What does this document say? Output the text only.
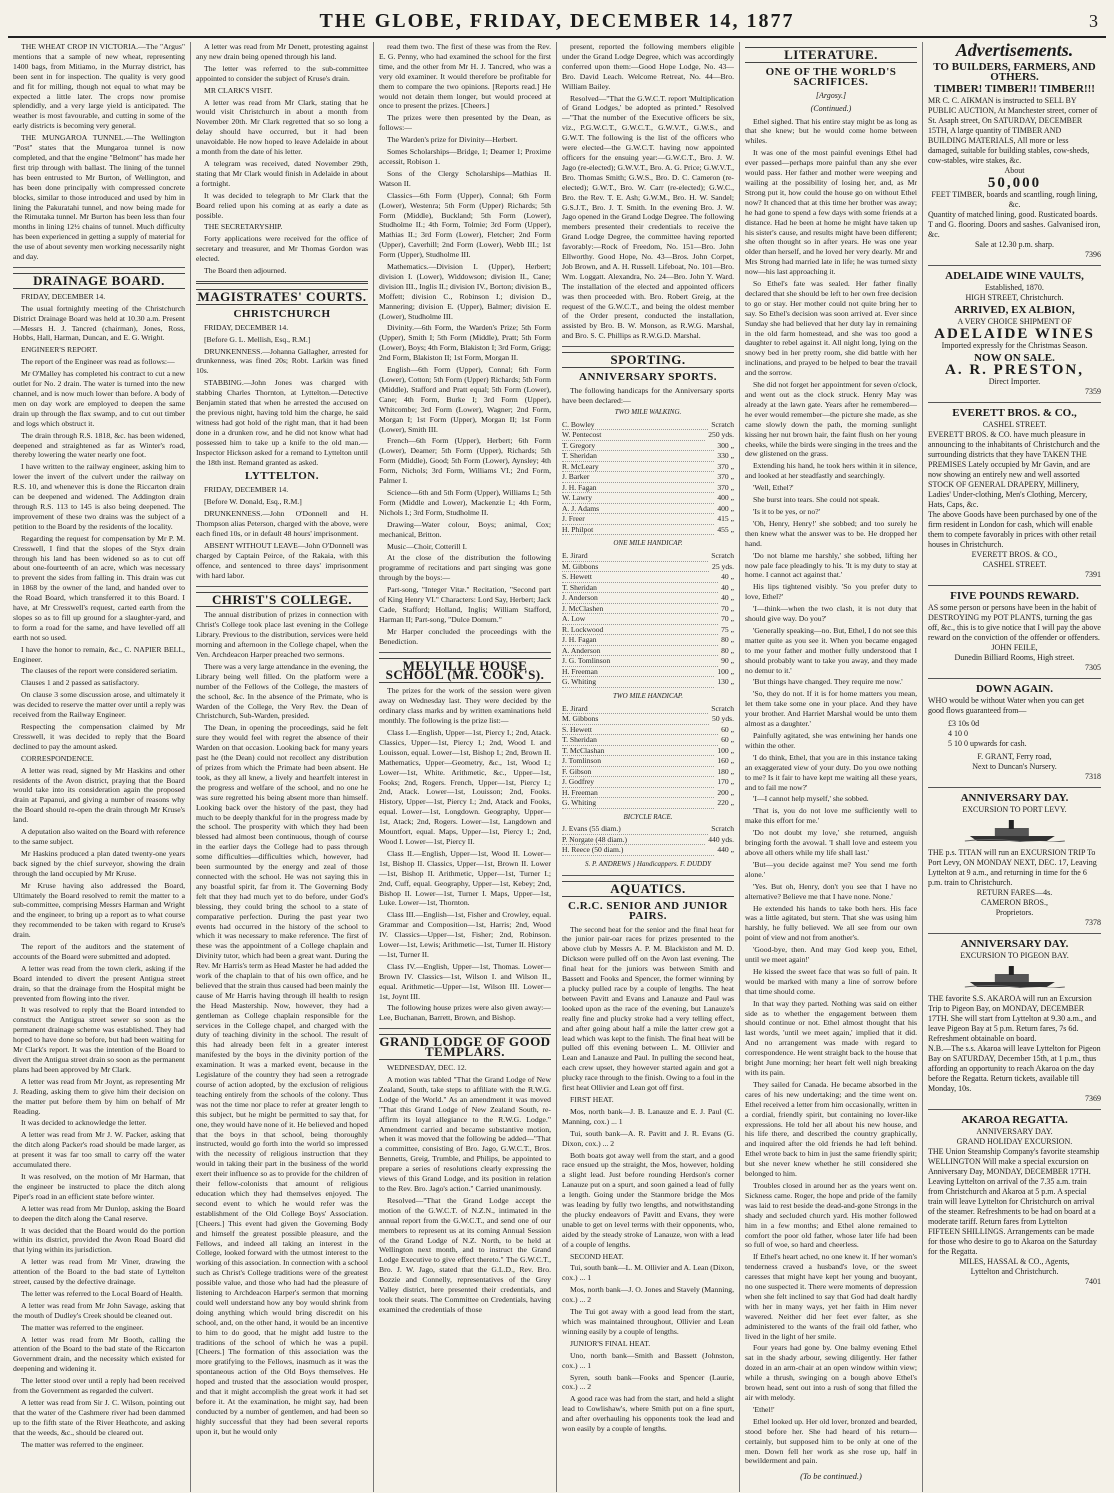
THE GLOBE, FRIDAY, DECEMBER 14, 1877	3

THE WHEAT CROP IN VICTORIA.—The "Argus" mentions that a sample of new wheat, representing 1400 bags, from Mitiamo, in the Murray district, has been sent in for inspection. The quality is very good and fit for milling, though not equal to what may be expected a little later. The crops now promise splendidly, and a very large yield is anticipated. The weather is most favourable, and cutting in some of the early districts is becoming very general.

THE MUNGAROA TUNNEL.—The Wellington "Post" states that the Mungaroa tunnel is now completed, and that the engine "Belmont" has made her first trip through with ballast. The lining of the tunnel has been entrusted to Mr Burton, of Wellington, and has been done principally with compressed concrete blocks, similar to those introduced and used by him in lining the Pakuratahi tunnel, and now being made for the Rimutaka tunnel. Mr Burton has been less than four months in lining 12½ chains of tunnel. Much difficulty has been experienced in getting a supply of material for the use of about seventy men working necessarily night and day.

DRAINAGE BOARD.

FRIDAY, DECEMBER 14.

The usual fortnightly meeting of the Christchurch District Drainage Board was held at 10.30 a.m. Present—Messrs H. J. Tancred (chairman), Jones, Ross, Hobbs, Hall, Harman, Duncan, and E. G. Wright.

ENGINEER'S REPORT.

The report of the Engineer was read as follows:—

Mr O'Malley has completed his contract to cut a new outlet for No. 2 drain. The water is turned into the new channel, and is now much lower than before. A body of men on day work are employed to deepen the same drain up through the flax swamp, and to cut out timber and logs which obstruct it.

The drain through R.S. 1818, &c. has been widened, deepened and straightened as far as Winter's road, thereby lowering the water nearly one foot.

I have written to the railway engineer, asking him to lower the invert of the culvert under the railway on R.S. 10, and whenever this is done the Riccarton drain can be deepened and widened. The Addington drain through R.S. 113 to 145 is also being deepened. The improvement of these two drains was the subject of a petition to the Board by the residents of the locality.

Regarding the request for compensation by Mr P. M. Cresswell, I find that the slopes of the Styx drain through his land has been widened so as to cut off about one-fourteenth of an acre, which was necessary to prevent the sides from falling in. This drain was cut in 1868 by the owner of the land, and handed over to the Road Board, which transferred it to this Board. I have, at Mr Cresswell's request, carted earth from the slopes so as to fill up ground for a slaughter-yard, and to form a road for the same, and have levelled off all earth not so used.

I have the honor to remain, &c., C. NAPIER BELL, Engineer.

The clauses of the report were considered seriatim.

Clauses 1 and 2 passed as satisfactory.

On clause 3 some discussion arose, and ultimately it was decided to reserve the matter over until a reply was received from the Railway Engineer.

Respecting the compensation claimed by Mr Cresswell, it was decided to reply that the Board declined to pay the amount asked.

CORRESPONDENCE.

A letter was read, signed by Mr Haskins and other residents of the Avon district, praying that the Board would take into its consideration again the proposed drain at Papanui, and giving a number of reasons why the Board should re-open the drain through Mr Kruse's land.

A deputation also waited on the Board with reference to the same subject.

Mr Haskins produced a plan dated twenty-one years back signed by the chief surveyor, showing the drain through the land occupied by Mr Kruse.

Mr Kruse having also addressed the Board, Ultimately the Board resolved to remit the matter to a sub-committee, comprising Messrs Harman and Wright and the engineer, to bring up a report as to what course they recommended to be taken with regard to Kruse's drain.

The report of the auditors and the statement of accounts of the Board were submitted and adopted.

A letter was read from the town clerk, asking if the Board intended to divert the present Antigua street drain, so that the drainage from the Hospital might be prevented from flowing into the river.

It was resolved to reply that the Board intended to construct the Antigua street sewer so soon as the permanent drainage scheme was established. They had hoped to have done so before, but had been waiting for Mr Clark's report. It was the intention of the Board to divert the Antigua street drain so soon as the permanent plans had been approved by Mr Clark.

A letter was read from Mr Joynt, as representing Mr J. Reading, asking them to give him their decision on the matter put before them by him on behalf of Mr Reading.

It was decided to acknowledge the letter.

A letter was read from Mr J. W. Packer, asking that the ditch along Packer's road should be made larger, as at present it was far too small to carry off the water accumulated there.

It was resolved, on the motion of Mr Harman, that the engineer be instructed to place the ditch along Piper's road in an efficient state before winter.

A letter was read from Mr Dunlop, asking the Board to deepen the ditch along the Canal reserve.

It was decided that the Board would do the portion within its district, provided the Avon Road Board did that lying within its jurisdiction.

A letter was read from Mr Viner, drawing the attention of the Board to the bad state of Lyttelton street, caused by the defective drainage.

The letter was referred to the Local Board of Health.

A letter was read from Mr John Savage, asking that the mouth of Dudley's Creek should be cleaned out.

The matter was referred to the engineer.

A letter was read from Mr Booth, calling the attention of the Board to the bad state of the Riccarton Government drain, and the necessity which existed for deepening and widening it.

The letter stood over until a reply had been received from the Government as regarded the culvert.

A letter was read from Sir J. C. Wilson, pointing out that the water of the Cashmere river had been dammed up to the fifth state of the River Heathcote, and asking that the weeds, &c., should be cleared out.

The matter was referred to the engineer.

A letter was read from Mr Denett, protesting against any new drain being opened through his land.

The letter was referred to the sub-committee appointed to consider the subject of Kruse's drain.

MR CLARK'S VISIT.

A letter was read from Mr Clark, stating that he would visit Christchurch in about a month from November 20th. Mr Clark regretted that so so long a delay should have occurred, but it had been unavoidable. He now hoped to leave Adelaide in about a month from the date of his letter.

A telegram was received, dated November 29th, stating that Mr Clark would finish in Adelaide in about a fortnight.

It was decided to telegraph to Mr Clark that the Board relied upon his coming at as early a date as possible.

THE SECRETARYSHIP.

Forty applications were received for the office of secretary and treasurer, and Mr Thomas Gordon was elected.

The Board then adjourned.

MAGISTRATES' COURTS.
CHRISTCHURCH

FRIDAY, DECEMBER 14.

[Before G. L. Mellish, Esq., R.M.]

DRUNKENNESS.—Johanna Gallagher, arrested for drunkenness, was fined 20s; Robt. Larkin was fined 10s.

STABBING.—John Jones was charged with stabbing Charles Thornton, at Lyttelton.—Detective Benjamin stated that when he arrested the accused on the previous night, having told him the charge, he said witness had got hold of the right man, that it had been done in a drunken row, and he did not know what had possessed him to take up a knife to the old man.—Inspector Hickson asked for a remand to Lyttelton until the 18th inst. Remand granted as asked.

LYTTELTON.

FRIDAY, DECEMBER 14.

[Before W. Donald, Esq., R.M.]

DRUNKENNESS.—John O'Donnell and H. Thompson alias Peterson, charged with the above, were each fined 10s, or in default 48 hours' imprisonment.

ABSENT WITHOUT LEAVE—John O'Donnell was charged by Captain Peirce, of the Rakaia, with this offence, and sentenced to three days' imprisonment with hard labor.

CHRIST'S COLLEGE.

The annual distribution of prizes in connection with Christ's College took place last evening in the College Library. Previous to the distribution, services were held morning and afternoon in the College chapel, when the Ven. Archdeacon Harper preached two sermons.

There was a very large attendance in the evening, the Library being well filled. On the platform were a number of the Fellows of the College, the masters of the school, &c. In the absence of the Primate, who is Warden of the College, the Very Rev. the Dean of Christchurch, Sub-Warden, presided.

The Dean, in opening the proceedings, said he felt sure they would feel with regret the absence of their Warden on that occasion. Looking back for many years past he (the Dean) could not recollect any distribution of prizes from which the Primate had been absent. He took, as they all knew, a lively and heartfelt interest in the progress and welfare of the school, and no one he was sure regretted his being absent more than himself. Looking back over the history of the past, they had much to be deeply thankful for in the progress made by the school. The prosperity with which they had been blessed had almost been continuous, though of course in the earlier days the College had to pass through some difficulties—difficulties which, however, had been surmounted by the energy and zeal of those connected with the school. He was not saying this in any boastful spirit, far from it. The Governing Body felt that they had much yet to do before, under God's blessing, they could bring the school to a state of comparative perfection. During the past year two events had occurred in the history of the school to which it was necessary to make reference. The first of these was the appointment of a College chaplain and Divinity tutor, which had been a great want. During the Rev. Mr Harris's term as Head Master he had added the work of the chaplain to that of his own office, and he believed that the strain thus caused had been mainly the cause of Mr Harris having through ill health to resign the Head Mastership. Now, however, they had a gentleman as College chaplain responsible for the services in the College chapel, and charged with the duty of teaching divinity in the school. The result of this had already been felt in a greater interest manifested by the boys in the divinity portion of the examination. It was a marked event, because in the Legislature of the country they had seen a retrograde course of action adopted, by the exclusion of religious teaching entirely from the schools of the colony. Thus was not the time nor place to refer at greater length to this subject, but he might be permitted to say that, for one, they would have none of it. He believed and hoped that the boys in that school, being thoroughly instructed, would go forth into the world so impressed with the necessity of religious instruction that they would in taking their part in the business of the world exert their influence so as to provide for the children of their fellow-colonists that amount of religious education which they had themselves enjoyed. The second event to which he would refer was the establishment of the Old College Boys' Association. [Cheers.] This event had given the Governing Body and himself the greatest possible pleasure, and the Fellows, and indeed all taking an interest in the College, looked forward with the utmost interest to the working of this association. In connection with a school such as Christ's College traditions were of the greatest possible value, and those who had had the pleasure of listening to Archdeacon Harper's sermon that morning could well understand how any boy would shrink from doing anything which would bring discredit on his school, and, on the other hand, it would be an incentive to him to do good, that he might add lustre to the traditions of the school of which he was a pupil. [Cheers.] The formation of this association was the more gratifying to the Fellows, inasmuch as it was the spontaneous action of the Old Boys themselves. He hoped and trusted that the association would prosper, and that it might accomplish the great work it had set before it. At the examination, he might say, had been conducted by a number of gentlemen, and had been so highly successful that they had been several reports upon it, but he would only

read them two. The first of these was from the Rev. E. G. Penny, who had examined the school for the first time, and the other from Mr H. J. Tancred, who was a very old examiner. It would therefore be profitable for them to compare the two opinions. [Reports read.] He would not detain them longer, but would proceed at once to present the prizes. [Cheers.]

The prizes were then presented by the Dean, as follows:—

The Warden's prize for Divinity—Herbert.

Somes Scholarships—Bridge, 1; Deamer 1; Proxime accessit, Robison 1.

Sons of the Clergy Scholarships—Mathias II. Watson II.

Classics—6th Form (Upper), Connal; 6th Form (Lower), Westenra; 5th Form (Upper) Richards; 5th Form (Middle), Buckland; 5th Form (Lower), Studholme II.; 4th Form, Tolmie; 3rd Form (Upper), Mathias II.; 3rd Form (Lower), Fletcher; 2nd Form (Upper), Caverhill; 2nd Form (Lower), Webb III.; 1st Form (Upper), Studholme III.

Mathematics.—Division I. (Upper), Herbert; division I. (Lower), Widdowson; division II., Cane; division III., Inglis II.; division IV., Borton; division B., Moffett; division C., Robinson I.; division D., Mannering; division E. (Upper), Balmer; division E. (Lower), Studholme III.

Divinity.—6th Form, the Warden's Prize; 5th Form (Upper), Smith I; 5th Form (Middle), Pratt; 5th Form (Lower), Boys; 4th Form, Blakiston I; 3rd Form, Grigg; 2nd Form, Blakiston II; 1st Form, Morgan II.

English—6th Form (Upper), Connal; 6th Form (Lower), Cotton; 5th Form (Upper) Richards; 5th Form (Middle), Stafford and Pratt equal; 5th Form (Lower), Cane; 4th Form, Burke I; 3rd Form (Upper), Whitcombe; 3rd Form (Lower), Wagner; 2nd Form, Morgan I; 1st Form (Upper), Morgan II; 1st Form (Lower), Smith III.

French—6th Form (Upper), Herbert; 6th Form (Lower), Deamer; 5th Form (Upper), Richards; 5th Form (Middle), Good; 5th Form (Lower), Aynsley; 4th Form, Nichols; 3rd Form, Williams VI.; 2nd Form, Palmer I.

Science—6th and 5th Form (Upper), Williams I.; 5th Form (Middle and Lower), Mackenzie I.; 4th Form, Nichols I.; 3rd Form, Studholme II.

Drawing—Water colour, Boys; animal, Cox; mechanical, Britton.

Music—Choir, Cotterill I.

At the close of the distribution the following programme of recitations and part singing was gone through by the boys:—

Part-song, "Integer Vitæ." Recitation, "Second part of King Henry VI." Characters: Lord Say, Herbert; Jack Cade, Stafford; Holland, Inglis; William Stafford, Harman II; Part-song, "Dulce Domum."

Mr Harper concluded the proceedings with the Benediction.

MELVILLE HOUSE SCHOOL (MR. COOK'S).

The prizes for the work of the session were given away on Wednesday last. They were decided by the ordinary class marks and by written examinations held monthly. The following is the prize list:—

Class I.—English, Upper—1st, Piercy I.; 2nd, Atack. Classics, Upper—1st, Piercy I.; 2nd, Wood I. and Louisson, equal. Lower—1st, Bishop I.; 2nd, Brown II. Mathematics, Upper—Geometry, &c., 1st, Wood I.; Lower—1st, White. Arithmetic, &c., Upper—1st, Fooks; 2nd, Rogers. French, Upper—1st, Piercy I.; 2nd, Atack. Lower—1st, Louisson; 2nd, Fooks. History, Upper—1st, Piercy I.; 2nd, Atack and Fooks, equal. Lower—1st, Longdown. Geography, Upper—1st, Atack; 2nd, Rogers. Lower—1st, Langdown and Mountfort, equal. Maps, Upper—1st, Piercy I.; 2nd, Wood I. Lower—1st, Piercy II.

Class II.—English, Upper—1st, Wood II. Lower—1st, Bishop II. Classics, Upper—1st, Brown II. Lower—1st, Bishop II. Arithmetic, Upper—1st, Turner I.; 2nd, Cuff, equal. Geography, Upper—1st, Kebey; 2nd, Bishop II. Lower—1st, Turner I. Maps, Upper—1st, Luke. Lower—1st, Thornton.

Class III.—English—1st, Fisher and Crowley, equal. Grammar and Composition—1st, Harris; 2nd, Wood IV. Classics—Upper—1st, Fisher; 2nd, Robinson. Lower—1st, Lewis; Arithmetic—1st, Turner II. History—1st, Turner II.

Class IV.—English, Upper—1st, Thomas. Lower—Brown IV. Classics—1st, Wilson I. and Wilson II., equal. Arithmetic—Upper—1st, Wilson III. Lower—1st, Joynt III.

The following house prizes were also given away:—Lee, Buchanan, Barrett, Brown, and Bishop.

GRAND LODGE OF GOOD TEMPLARS.

WEDNESDAY, DEC. 12.

A motion was tabled "That the Grand Lodge of New Zealand, South, take steps to affiliate with the R.W.G. Lodge of the World." As an amendment it was moved "That this Grand Lodge of New Zealand South, re-affirm its loyal allegiance to the R.W.G. Lodge." Amendment carried and became substantive motion, when it was moved that the following be added—"That a committee, consisting of Bro. Jago, G.W.C.T., Bros. Bennetts, Greig, Trumble, and Philips, be appointed to prepare a series of resolutions clearly expressing the views of this Grand Lodge, and its position in relation to the Rev. Bro. Jago's action." Carried unanimously.

Resolved—"That the Grand Lodge accept the motion of the G.W.C.T. of N.Z.N., intimated in the annual report from the G.W.C.T., and send one of our members to represent us at its coming Annual Session of the Grand Lodge of N.Z. North, to be held at Wellington next month, and to instruct the Grand Lodge Executive to give effect thereto." The G.W.C.T., Bro. J. W. Jago, stated that the G.L.D., Rev. Bro. Bozzie and Connelly, representatives of the Grey Valley district, here presented their credentials, and took their seats. The Committee on Credentials, having examined the credentials of those

present, reported the following members eligible under the Grand Lodge Degree, which was accordingly conferred upon them:—Good Hope Lodge, No. 43—Bro. David Leach. Welcome Retreat, No. 44—Bro. William Bailey.

Resolved—"That the G.W.C.T. report 'Multiplication of Grand Lodges,' be adopted as printed." Resolved—"That the number of the Executive officers be six, viz., P.G.W.C.T., G.W.C.T., G.W.V.T., G.W.S., and G.W.T. The following is the list of the officers who were elected—the G.W.C.T. having now appointed officers for the ensuing year:—G.W.C.T., Bro. J. W. Jago (re-elected); G.W.V.T., Bro. A. G. Price; G.W.V.T., Bro. Thomas Smith; G.W.S., Bro. D. C. Cameron (re-elected); G.W.T., Bro. W. Carr (re-elected); G.W.C., Bro. the Rev. T. E. Ash; G.W.M., Bro. H. W. Sandel; G.S.J.T., Bro. J. T. Smith. In the evening Bro. J. W. Jago opened in the Grand Lodge Degree. The following members presented their credentials to receive the Grand Lodge Degree, the committee having reported favorably:—Rock of Freedom, No. 151—Bro. John Ellworthy. Good Hope, No. 43—Bros. John Corpet, Job Brown, and A. H. Russell. Lifeboat, No. 101—Bro. Wm. Loggatt. Alexandra, No. 24—Bro. John Y. Ward. The installation of the elected and appointed officers was then proceeded with. Bro. Robert Greig, at the request of the G.W.C.T., and being the oldest member of the Order present, conducted the installation, assisted by Bro. B. W. Monson, as R.W.G. Marshal, and Bro. S. C. Phillips as R.W.G.D. Marshal.

SPORTING.
ANNIVERSARY SPORTS.

The following handicaps for the Anniversary sports have been declared:—

TWO MILE WALKING.
C. Bowley	Scratch
W. Pentecost	250 yds.
T. Gregory	300 „
T. Sheridan	330 „
R. McLeary	370 „
J. Barker	370 „
J. H. Fagan	370 „
W. Lawry	400 „
A. J. Adams	400 „
J. Freer	415 „
H. Philpot	455 „
ONE MILE HANDICAP.
E. Jirard	Scratch
M. Gibbons	25 yds.
S. Hewett	40 „
T. Sheridan	40 „
J. Anderson	40 „
J. McClashen	70 „
A. Low	70 „
R. Lockwood	75 „
J. H. Fagan	80 „
A. Anderson	80 „
J. G. Tomlinson	90 „
H. Freeman	100 „
G. Whiting	130 „
TWO MILE HANDICAP.
E. Jirard	Scratch
M. Gibbons	50 yds.
S. Hewett	60 „
T. Sheridan	60 „
T. McClashan	100 „
J. Tomlinson	160 „
F. Gibson	180 „
J. Godfrey	170 „
H. Freeman	200 „
G. Whiting	220 „
BICYCLE RACE.
J. Evans (55 diam.)	Scratch
P. Norgate (48 diam.)	440 yds.
H. Reece (50 diam.)	440 „
S. P. ANDREWS } Handicappers. F. DUDDY
AQUATICS.
C.R.C. SENIOR AND JUNIOR PAIRS.

The second heat for the senior and the final heat for the junior pair-oar races for prizes presented to the above club by Messrs A. P. M. Blackiston and M. D. Dickson were pulled off on the Avon last evening. The final heat for the juniors was between Smith and Bassett and Fooks and Spencer, the former winning by a plucky pulled race by a couple of lengths. The heat between Pavitt and Evans and Lanauze and Paul was looked upon as the race of the evening, but Lanauze's really fine and plucky stroke had a very telling effect, and after going about half a mile the latter crew got a lead which was kept to the finish. The final heat will be pulled off this evening between L. M. Ollivier and Lean and Lanauze and Paul. In pulling the second heat, each crew upset, they however started again and got a plucky race through to the finish. Owing to a foul in the first heat Ollivier and Lean got off first.

FIRST HEAT.

Mos, north bank—J. B. Lanauze and E. J. Paul (C. Manning, cox.) ... 1

Tui, south bank—A. R. Pavitt and J. R. Evans (G. Dixon, cox.) ... 2

Both boats got away well from the start, and a good race ensued up the straight, the Mos, however, holding a slight lead. Just before rounding Herdson's corner Lanauze put on a spurt, and soon gained a lead of fully a length. Going under the Stanmore bridge the Mos was leading by fully two lengths, and notwithstanding the plucky endeavors of Pavitt and Evans, they were unable to get on level terms with their opponents, who, aided by the steady stroke of Lanauze, won with a lead of a couple of lengths.

SECOND HEAT.

Tui, south bank—L. M. Ollivier and A. Lean (Dixon, cox.) ... 1

Mos, north bank—J. O. Jones and Stavely (Manning, cox.) ... 2

The Tui got away with a good lead from the start, which was maintained throughout, Ollivier and Lean winning easily by a couple of lengths.

JUNIOR'S FINAL HEAT.

Uno, north bank—Smith and Bassett (Johnston, cox.) ... 1

Syren, south bank—Fooks and Spencer (Laurie, cox.) ... 2

A good race was had from the start, and held a slight lead to Cowlishaw's, where Smith put on a fine spurt, and after overhauling his opponents took the lead and won easily by a couple of lengths.

LITERATURE.
ONE OF THE WORLD'S SACRIFICES.
[Argosy.]
(Continued.)

Ethel sighed. That his entire stay might be as long as that she knew; but he would come home between whiles.

It was one of the most painful evenings Ethel had ever passed—perhaps more painful than any she ever would pass. Her father and mother were weeping and wailing at the possibility of losing her, and, as Mr Strong put it, how could the house go on without Ethel now? It chanced that at this time her brother was away; he had gone to spend a few days with some friends at a distance. Had he been at home he might have taken up his sister's cause, and results might have been different; she often thought so in after years. He was one year older than herself, and he loved her very dearly. Mr and Mrs Strong had married late in life; he was turned sixty now—his last approaching it.

So Ethel's fate was sealed. Her father finally declared that she should be left to her own free decision to go or stay. Her mother could not quite bring her to say. So Ethel's decision was soon arrived at. Ever since Sunday she had believed that her duty lay in remaining in the old farm homestead, and she was too good a daughter to rebel against it. All night long, lying on the snowy bed in her pretty room, she did battle with her inclinations, and prayed to be helped to bear the travail and the sorrow.

She did not forget her appointment for seven o'clock, and went out as the clock struck. Henry May was already at the lawn gate. Years after he remembered—he ever would remember—the picture she made, as she came slowly down the path, the morning sunlight kissing her nut brown hair, the faint flush on her young cheeks, while the birds were singing in the trees and the dew glistened on the grass.

Extending his hand, he took hers within it in silence, and looked at her steadfastly and searchingly.

'Well, Ethel?'

She burst into tears. She could not speak.

'Is it to be yes, or no?'

'Oh, Henry, Henry!' she sobbed; and too surely he then knew what the answer was to be. He dropped her hand.

'Do not blame me harshly,' she sobbed, lifting her now pale face pleadingly to his. 'It is my duty to stay at home. I cannot act against that.'

His lips tightened visibly. 'So you prefer duty to love, Ethel?'

'I—think—when the two clash, it is not duty that should give way. Do you?'

'Generally speaking—no. But, Ethel, I do not see this matter quite as you see it. When you became engaged to me your father and mother fully understood that I should probably want to take you away, and they made no demur to it.'

'But things have changed. They require me now.'

'So, they do not. If it is for home matters you mean, let them take some one in your place. And they have your brother. And Harriet Marshal would be unto them almost as a daughter.'

Painfully agitated, she was entwining her hands one within the other.

'I do think, Ethel, that you are in this instance taking an exaggerated view of your duty. Do you owe nothing to me? Is it fair to have kept me waiting all these years, and to fail me now?'

'I—I cannot help myself,' she sobbed.

'That is, you do not love me sufficiently well to make this effort for me.'

'Do not doubt my love,' she returned, anguish bringing forth the avowal. 'I shall love and esteem you above all others while my life shall last.'

'But—you decide against me? You send me forth alone.'

'Yes. But oh, Henry, don't you see that I have no alternative? Believe me that I have none. None.'

He extended his hands to take both hers. His face was a little agitated, but stern. That she was using him harshly, he fully believed. We all see from our own point of view and not from another's.

'Good-bye, then. And may God keep you, Ethel, until we meet again!'

He kissed the sweet face that was so full of pain. It would be marked with many a line of sorrow before that time should come.

In that way they parted. Nothing was said on either side as to whether the engagement between them should continue or not. Ethel almost thought that his last words, 'until we meet again,' implied that it did. And no arrangement was made with regard to correspondence. He went straight back to the house that bright June morning; her heart felt well nigh breaking with its pain.

They sailed for Canada. He became absorbed in the cares of his new undertaking; and the time went on. Ethel received a letter from him occasionally, written in a cordial, friendly spirit, but containing no lover-like expressions. He told her all about his new house, and his life there, and described the country graphically, and inquired after the old friends he had left behind. Ethel wrote back to him in just the same friendly spirit; but she never knew whether he still considered she belonged to him.

Troubles closed in around her as the years went on. Sickness came. Roger, the hope and pride of the family was laid to rest beside the dead-and-gone Strongs in the shady and secluded church yard. His mother followed him in a few months; and Ethel alone remained to comfort the poor old father, whose later life had been so full of woe, so hard and cheerless.

If Ethel's heart ached, no one knew it. If her woman's tenderness craved a husband's love, or the sweet caresses that might have kept her young and buoyant, no one suspected it. There were moments of depression when she felt inclined to say that God had dealt hardly with her in many ways, yet her faith in Him never wavered. Neither did her feet ever falter, as she administered to the wants of the frail old father, who lived in the light of her smile.

Four years had gone by. One balmy evening Ethel sat in the shady arbour, sewing diligently. Her father dozed in an arm-chair at an open window within view; while a thrush, swinging on a bough above Ethel's brown head, sent out into a rush of song that filled the air with melody.

'Ethel!'

Ethel looked up. Her old lover, bronzed and bearded, stood before her. She had heard of his return—certainly, but supposed him to be only at one of the men. Down fell her work as she rose up, half in bewilderment and pain.

(To be continued.)
Advertisements.
TO BUILDERS, FARMERS, AND OTHERS.
TIMBER! TIMBER!! TIMBER!!!
MR C. C. AIKMAN is instructed to SELL BY PUBLIC AUCTION, At Manchester street, corner of St. Asaph street, On SATURDAY, DECEMBER 15TH, A large quantity of TIMBER AND BUILDING MATERIALS, All more or less damaged, suitable for building stables, cow-sheds, cow-stables, wire stakes, &c.
About
50,000
FEET TIMBER, boards and scantling, rough lining, &c.
Quantity of matched lining, good. Rusticated boards. T and G. flooring. Doors and sashes. Galvanised iron, &c.
Sale at 12.30 p.m. sharp.
7396
ADELAIDE WINE VAULTS,
Established, 1870.
HIGH STREET, Christchurch.
ARRIVED, EX ALBION,
A VERY CHOICE SHIPMENT OF
ADELAIDE WINES
Imported expressly for the Christmas Season.
NOW ON SALE.
A. R. PRESTON,
Direct Importer.
7359
EVERETT BROS. & CO.,
CASHEL STREET.
EVERETT BROS. & CO. have much pleasure in announcing to the inhabitants of Christchurch and the surrounding districts that they have TAKEN THE PREMISES Lately occupied by Mr Gavin, and are now showing an entirely new and well assorted STOCK OF GENERAL DRAPERY, Millinery, Ladies' Under-clothing, Men's Clothing, Mercery, Hats, Caps, &c.
The above Goods have been purchased by one of the firm resident in London for cash, which will enable them to compete favorably in prices with other retail houses in Christchurch.
EVERETT BROS. & CO.,
CASHEL STREET.
7391
FIVE POUNDS REWARD.
AS some person or persons have been in the habit of DESTROYING my POT PLANTS, turning the gas off, &c., this is to give notice that I will pay the above reward on the conviction of the offender or offenders.
JOHN FEILE,
Dunedin Billiard Rooms, High street.
7305
DOWN AGAIN.
WHO would be without Water when you can get good flows guaranteed from—
£3 10s 0d
4 10 0
5 10 0 upwards for cash.
F. GRANT, Ferry road,
Next to Duncan's Nursery.
7318
ANNIVERSARY DAY.
EXCURSION TO PORT LEVY.
THE p.s. TITAN will run an EXCURSION TRIP To Port Levy, ON MONDAY NEXT, DEC. 17, Leaving Lyttelton at 9 a.m., and returning in time for the 6 p.m. train to Christchurch.
RETURN FARES—4s.
CAMERON BROS.,
Proprietors.
7378
ANNIVERSARY DAY.
EXCURSION TO PIGEON BAY.
THE favorite S.S. AKAROA will run an Excursion Trip to Pigeon Bay, on MONDAY, DECEMBER 17TH. She will start from Lyttelton at 9.30 a.m., and leave Pigeon Bay at 5 p.m. Return fares, 7s 6d. Refreshment obtainable on board.
N.B.—The s.s. Akaroa will leave Lyttelton for Pigeon Bay on SATURDAY, December 15th, at 1 p.m., thus affording an opportunity to reach Akaroa on the day before the Regatta. Return tickets, available till Monday, 10s.
7369
AKAROA REGATTA.
ANNIVERSARY DAY.
GRAND HOLIDAY EXCURSION.
THE Union Steamship Company's favorite steamship WELLINGTON Will make a special excursion on Anniversary Day, MONDAY, DECEMBER 17TH. Leaving Lyttelton on arrival of the 7.35 a.m. train from Christchurch and Akaroa at 5 p.m. A special train will leave Lyttelton for Christchurch on arrival of the steamer. Refreshments to be had on board at a moderate tariff. Return fares from Lyttelton FIFTEEN SHILLINGS. Arrangements can be made for those who desire to go to Akaroa on the Saturday for the Regatta.
MILES, HASSAL & CO., Agents,
Lyttelton and Christchurch.
7401
